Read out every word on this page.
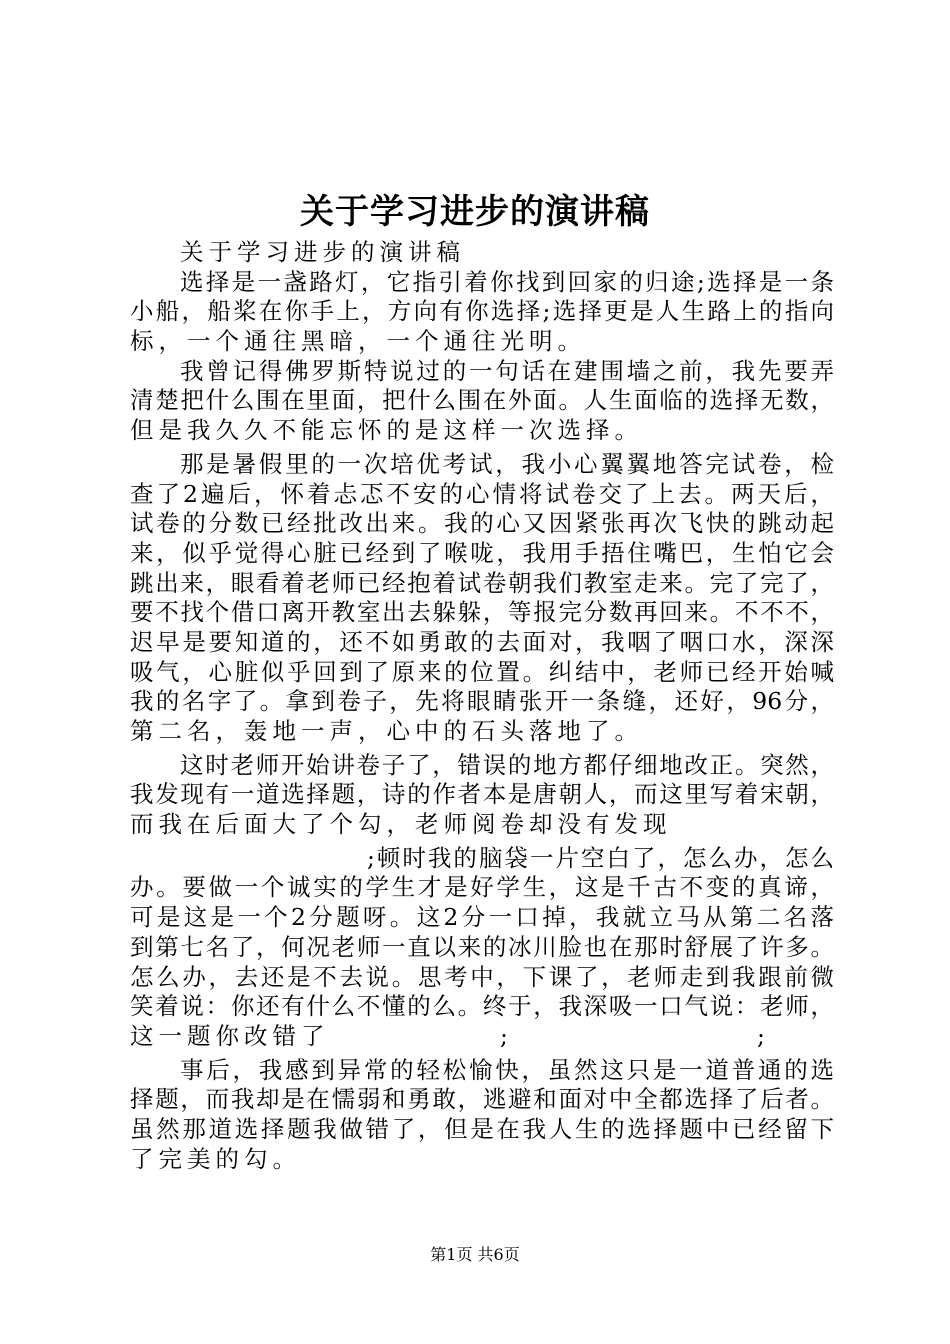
关于学习进步的演讲稿
关于学习进步的演讲稿
选择是一盏路灯，它指引着你找到回家的归途;选择是一条
小船，船桨在你手上，方向有你选择;选择更是人生路上的指向
标，一个通往黑暗，一个通往光明。
我曾记得佛罗斯特说过的一句话在建围墙之前，我先要弄
清楚把什么围在里面，把什么围在外面。人生面临的选择无数，
但是我久久不能忘怀的是这样一次选择。
那是暑假里的一次培优考试，我小心翼翼地答完试卷，检
查了2遍后，怀着忐忑不安的心情将试卷交了上去。两天后，
试卷的分数已经批改出来。我的心又因紧张再次飞快的跳动起
来，似乎觉得心脏已经到了喉咙，我用手捂住嘴巴，生怕它会
跳出来，眼看着老师已经抱着试卷朝我们教室走来。完了完了，
要不找个借口离开教室出去躲躲，等报完分数再回来。不不不，
迟早是要知道的，还不如勇敢的去面对，我咽了咽口水，深深
吸气，心脏似乎回到了原来的位置。纠结中，老师已经开始喊
我的名字了。拿到卷子，先将眼睛张开一条缝，还好，96分，
第二名，轰地一声，心中的石头落地了。
这时老师开始讲卷子了，错误的地方都仔细地改正。突然，
我发现有一道选择题，诗的作者本是唐朝人，而这里写着宋朝，
而我在后面大了个勾，老师阅卷却没有发现
;顿时我的脑袋一片空白了，怎么办，怎么
办。要做一个诚实的学生才是好学生，这是千古不变的真谛，
可是这是一个2分题呀。这2分一口掉，我就立马从第二名落
到第七名了，何况老师一直以来的冰川脸也在那时舒展了许多。
怎么办，去还是不去说。思考中，下课了，老师走到我跟前微
笑着说：你还有什么不懂的么。终于，我深吸一口气说：老师，
这一题你改错了	;	;
事后，我感到异常的轻松愉快，虽然这只是一道普通的选
择题，而我却是在懦弱和勇敢，逃避和面对中全都选择了后者。
虽然那道选择题我做错了，但是在我人生的选择题中已经留下
了完美的勾。
第1页 共6页
